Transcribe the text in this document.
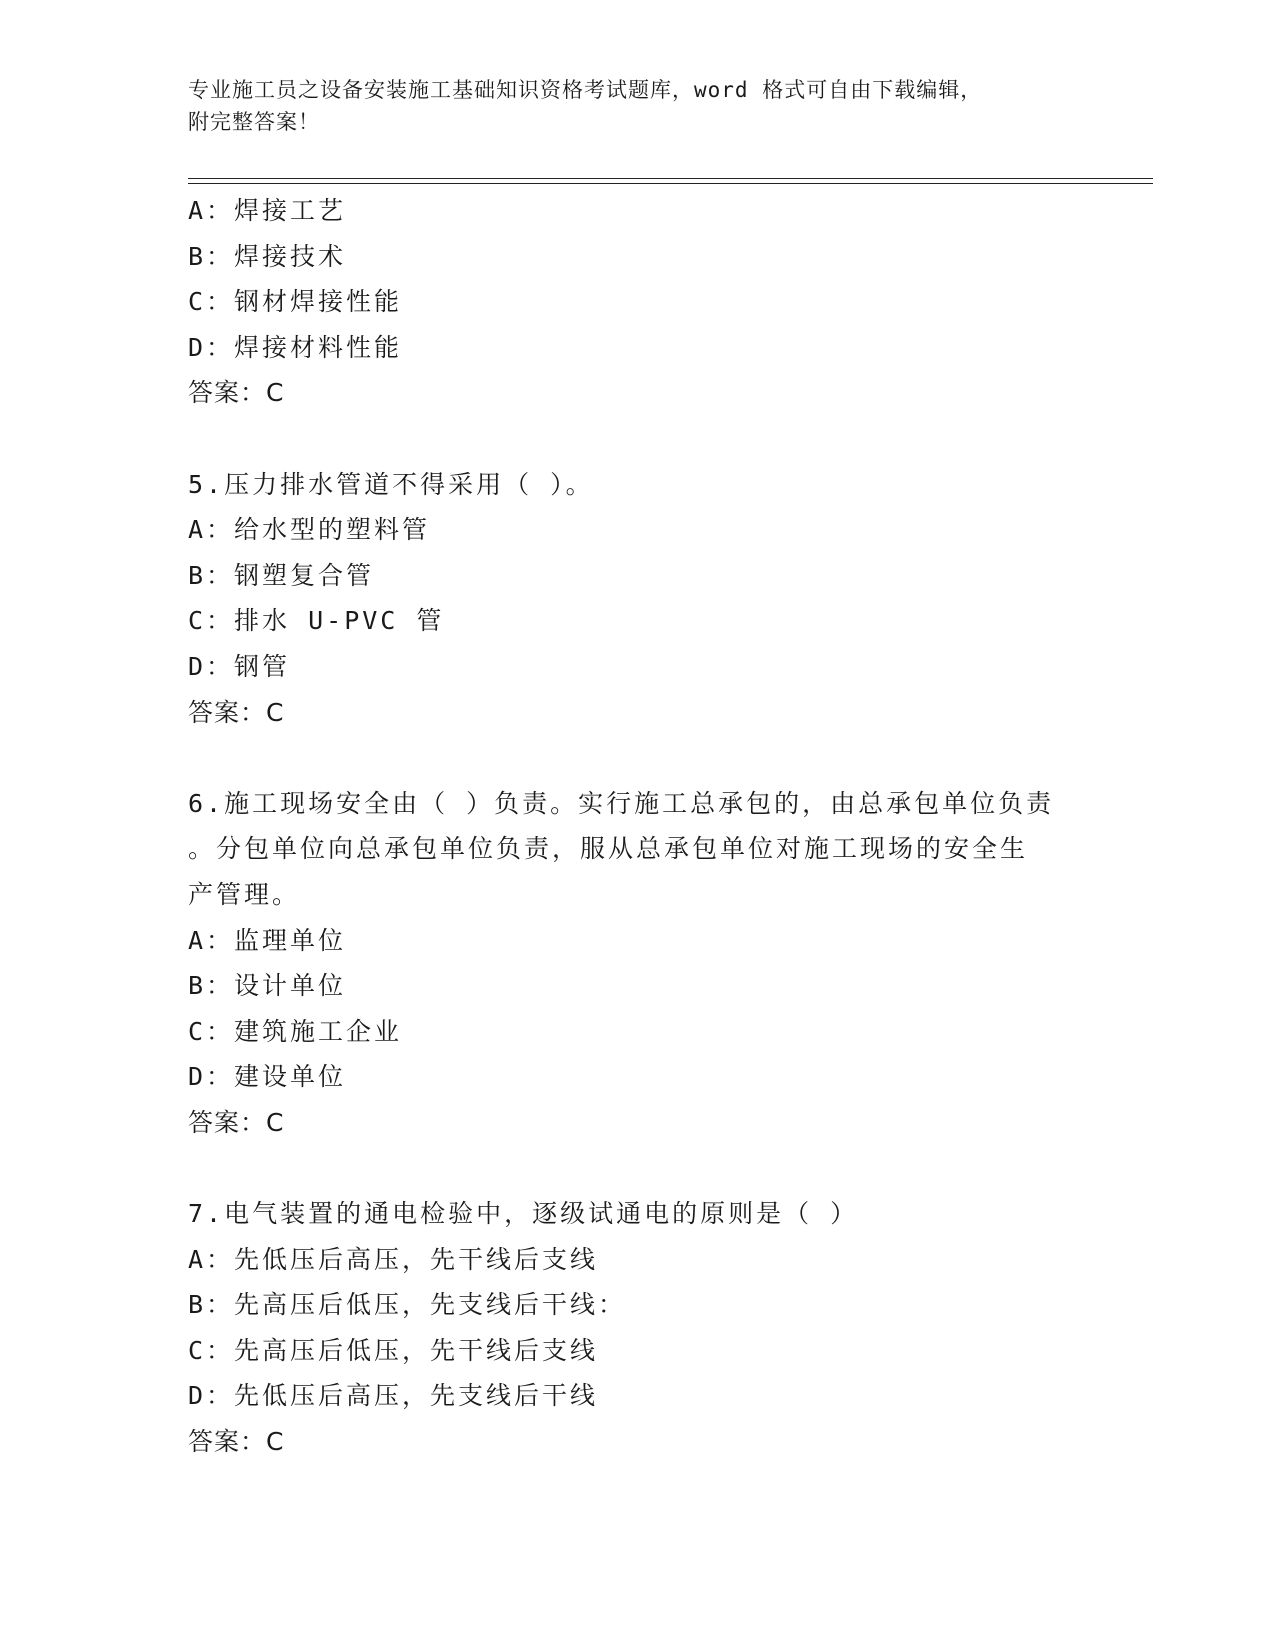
专业施工员之设备安装施工基础知识资格考试题库，word 格式可自由下载编辑，
附完整答案！
A：焊接工艺
B：焊接技术
C：钢材焊接性能
D：焊接材料性能
答案：C
5.压力排水管道不得采用（ ）。
A：给水型的塑料管
B：钢塑复合管
C：排水 U-PVC 管
D：钢管
答案：C
6.施工现场安全由（ ）负责。实行施工总承包的，由总承包单位负责
。分包单位向总承包单位负责，服从总承包单位对施工现场的安全生
产管理。
A：监理单位
B：设计单位
C：建筑施工企业
D：建设单位
答案：C
7.电气装置的通电检验中，逐级试通电的原则是（ ）
A：先低压后高压，先干线后支线
B：先高压后低压，先支线后干线：
C：先高压后低压，先干线后支线
D：先低压后高压，先支线后干线
答案：C
